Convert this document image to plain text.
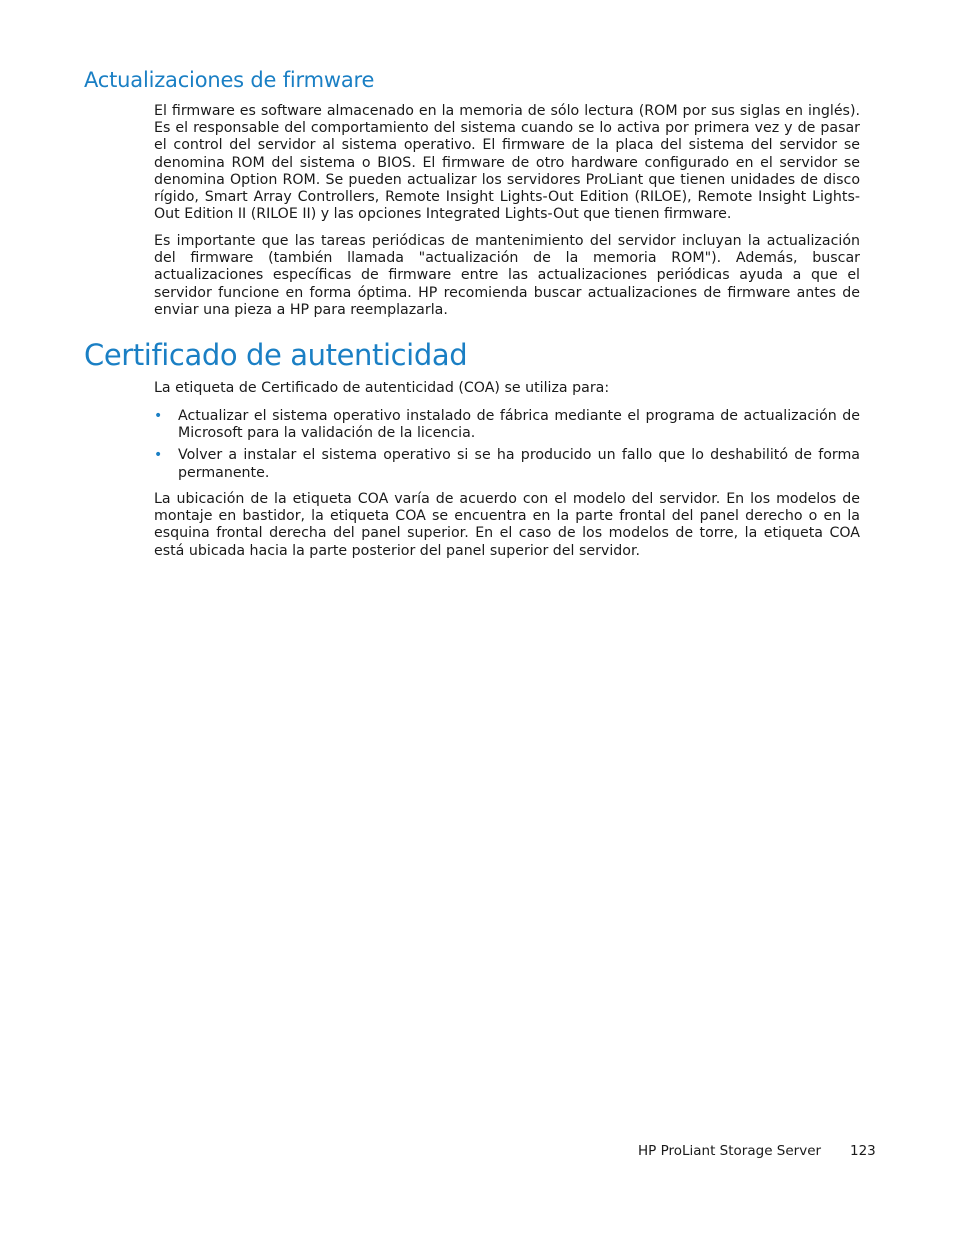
Actualizaciones de firmware

El firmware es software almacenado en la memoria de sólo lectura (ROM por sus siglas en inglés). Es el responsable del comportamiento del sistema cuando se lo activa por primera vez y de pasar el control del servidor al sistema operativo. El firmware de la placa del sistema del servidor se denomina ROM del sistema o BIOS. El firmware de otro hardware configurado en el servidor se denomina Option ROM. Se pueden actualizar los servidores ProLiant que tienen unidades de disco rígido, Smart Array Controllers, Remote Insight Lights-Out Edition (RILOE), Remote Insight Lights-Out Edition II (RILOE II) y las opciones Integrated Lights-Out que tienen firmware.

Es importante que las tareas periódicas de mantenimiento del servidor incluyan la actualización del firmware (también llamada "actualización de la memoria ROM"). Además, buscar actualizaciones específicas de firmware entre las actualizaciones periódicas ayuda a que el servidor funcione en forma óptima. HP recomienda buscar actualizaciones de firmware antes de enviar una pieza a HP para reemplazarla.

Certificado de autenticidad

La etiqueta de Certificado de autenticidad (COA) se utiliza para:

• Actualizar el sistema operativo instalado de fábrica mediante el programa de actualización de Microsoft para la validación de la licencia.
• Volver a instalar el sistema operativo si se ha producido un fallo que lo deshabilitó de forma permanente.

La ubicación de la etiqueta COA varía de acuerdo con el modelo del servidor. En los modelos de montaje en bastidor, la etiqueta COA se encuentra en la parte frontal del panel derecho o en la esquina frontal derecha del panel superior. En el caso de los modelos de torre, la etiqueta COA está ubicada hacia la parte posterior del panel superior del servidor.

HP ProLiant Storage Server 123
